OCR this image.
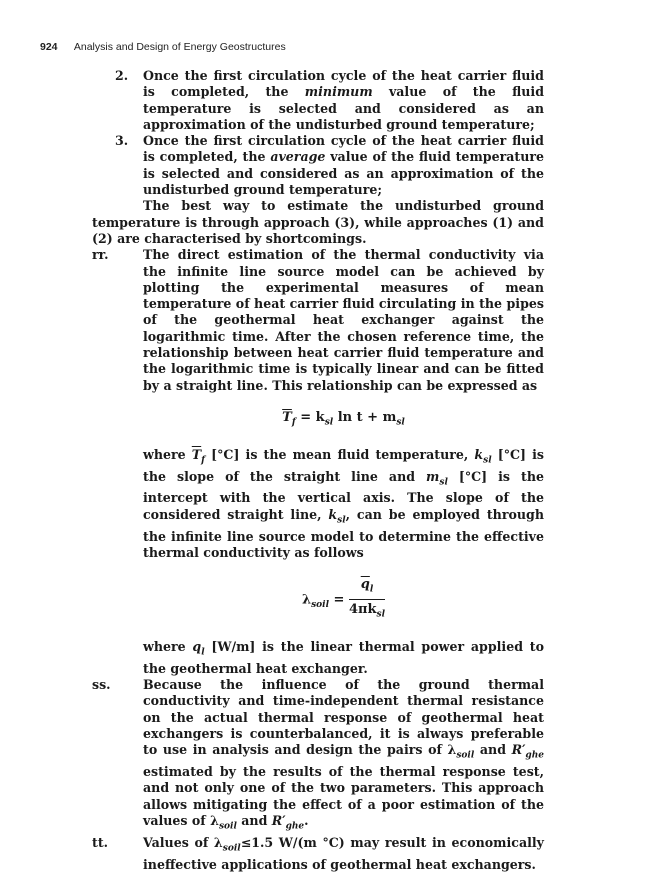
924 Analysis and Design of Energy Geostructures

2. Once the first circulation cycle of the heat carrier fluid is completed, the minimum value of the fluid temperature is selected and considered as an approximation of the undisturbed ground temperature;

3. Once the first circulation cycle of the heat carrier fluid is completed, the average value of the fluid temperature is selected and considered as an approximation of the undisturbed ground temperature;

The best way to estimate the undisturbed ground temperature is through approach (3), while approaches (1) and (2) are characterised by shortcomings.

rr.	The direct estimation of the thermal conductivity via the infinite line source model can be achieved by plotting the experimental measures of mean temperature of heat carrier fluid circulating in the pipes of the geothermal heat exchanger against the logarithmic time. After the chosen reference time, the relationship between heat carrier fluid temperature and the logarithmic time is typically linear and can be fitted by a straight line. This relationship can be expressed as

$\overline{T}_f = k_{sl}$ $\ln t + m_{sl}$

where $\overline{T}_f$ [°C] is the mean fluid temperature, $k_{sl}$ [°C] is the slope of the straight line and $m_{sl}$ [°C] is the intercept with the vertical axis. The slope of the considered straight line, $k_{sl}$, can be employed through the infinite line source model to determine the effective thermal conductivity as follows

$\lambda_{soil} = \frac{\overline{q}_l}{4\pi k_{sl}}$

where $q_l$ [W/m] is the linear thermal power applied to the geothermal heat exchanger.

ss.	Because the influence of the ground thermal conductivity and time-independent thermal resistance on the actual thermal response of geothermal heat exchangers is counterbalanced, it is always preferable to use in analysis and design the pairs of $\lambda_{soil}$ and $R'_{ghe}$ estimated by the results of the thermal response test, and not only one of the two parameters. This approach allows mitigating the effect of a poor estimation of the values of $\lambda_{soil}$ and $R'_{ghe}$.

tt.	Values of $\lambda_{soil}\le 1.5$ W/(m °C) may result in economically ineffective applications of geothermal heat exchangers.
